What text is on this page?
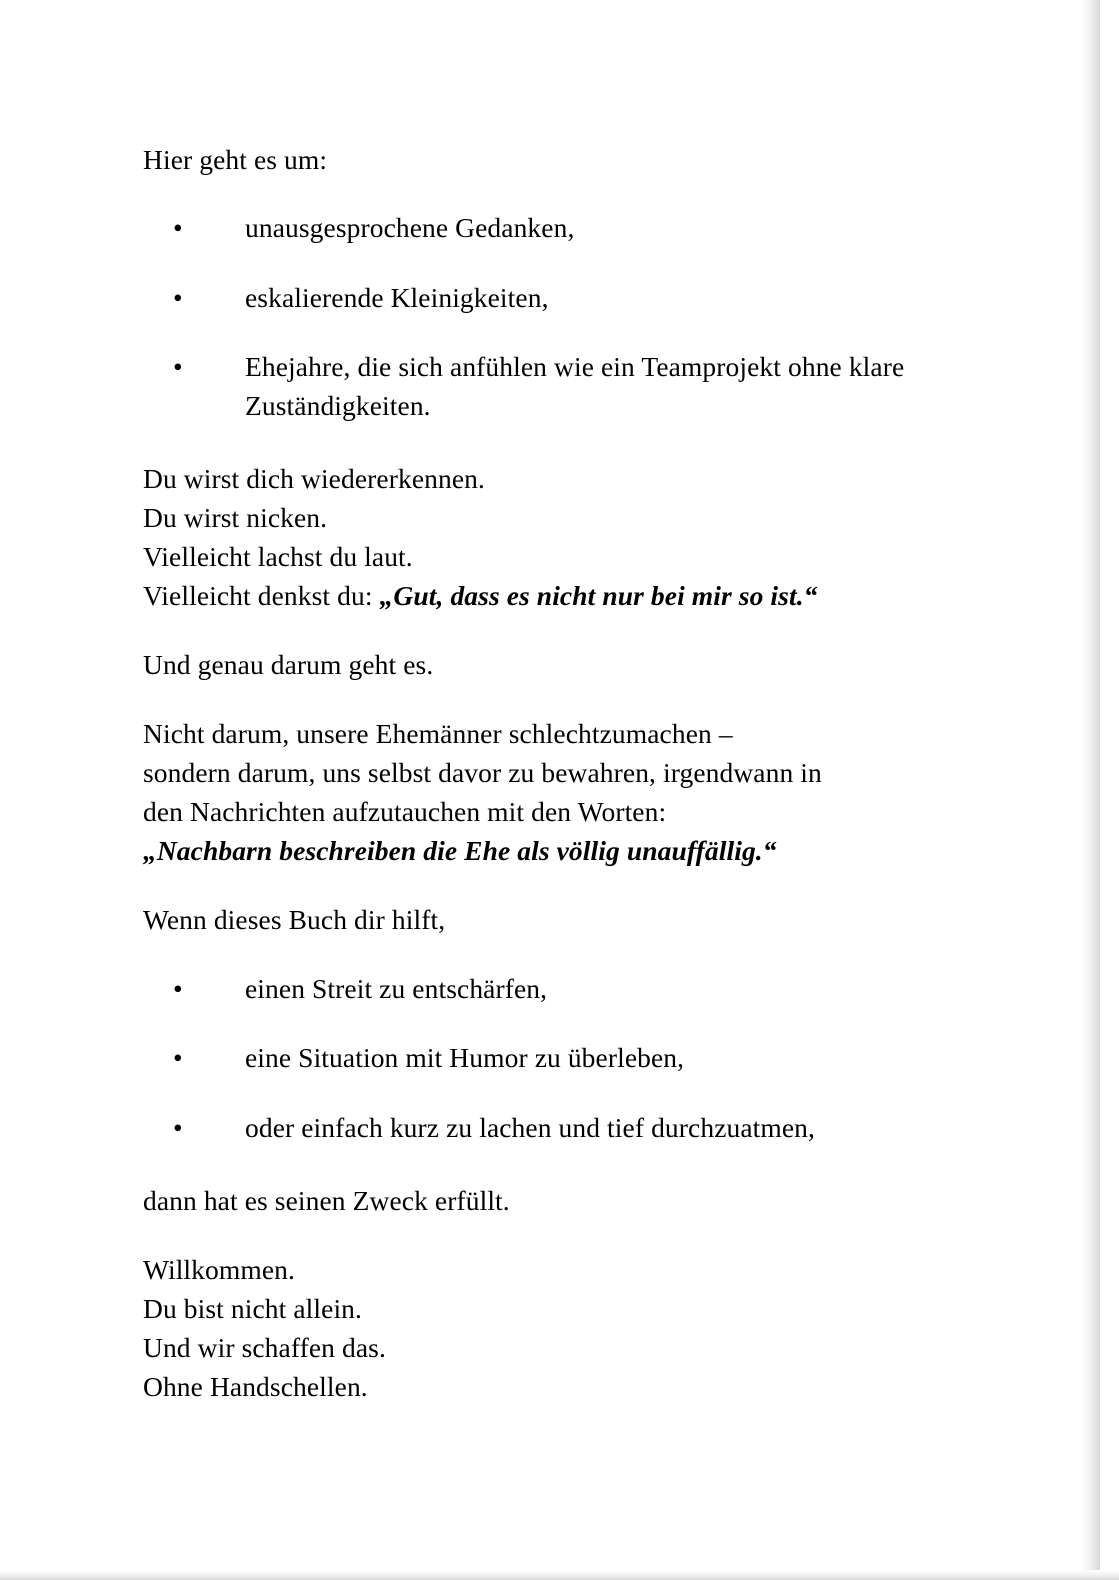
Hier geht es um:

• unausgesprochene Gedanken,
• eskalierende Kleinigkeiten,
• Ehejahre, die sich anfühlen wie ein Teamprojekt ohne klare Zuständigkeiten.

Du wirst dich wiedererkennen.
Du wirst nicken.
Vielleicht lachst du laut.
Vielleicht denkst du: „Gut, dass es nicht nur bei mir so ist.“

Und genau darum geht es.

Nicht darum, unsere Ehemänner schlechtzumachen –
sondern darum, uns selbst davor zu bewahren, irgendwann in
den Nachrichten aufzutauchen mit den Worten:
„Nachbarn beschreiben die Ehe als völlig unauffällig.“

Wenn dieses Buch dir hilft,

• einen Streit zu entschärfen,
• eine Situation mit Humor zu überleben,
• oder einfach kurz zu lachen und tief durchzuatmen,

dann hat es seinen Zweck erfüllt.

Willkommen.
Du bist nicht allein.
Und wir schaffen das.
Ohne Handschellen.
